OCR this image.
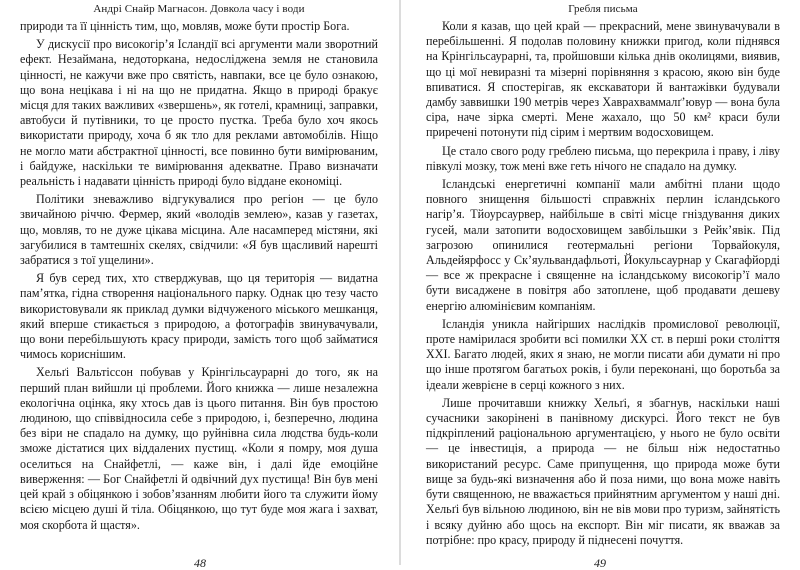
Андрі Снайр Магнасон. Довкола часу і води

природи та її цінність тим, що, мовляв, може бути простір Бога.

У дискусії про високогір’я Ісландії всі аргументи мали зворотний ефект. Незаймана, недоторкана, недосліджена земля не становила цінності, не кажучи вже про святість, навпаки, все це було ознакою, що вона нецікава і ні на що не придатна. Якщо в природі бракує місця для таких важливих «звершень», як готелі, крамниці, заправки, автобуси й путівники, то це просто пустка. Треба було хоч якось використати природу, хоча б як тло для реклами автомобілів. Ніщо не могло мати абстрактної цінності, все повинно бути вимірюваним, і байдуже, наскільки те вимірювання адекватне. Право визначати реальність і надавати цінність природі було віддане економіці.

Політики зневажливо відгукувалися про регіон — це було звичайною річчю. Фермер, який «володів землею», казав у газетах, що, мовляв, то не дуже цікава місцина. Але насамперед містяни, які загубилися в тамтешніх скелях, свідчили: «Я був щасливий нарешті забратися з тої ущелини».

Я був серед тих, хто стверджував, що ця територія — видатна пам’ятка, гідна створення національного парку. Однак цю тезу часто використовували як приклад думки відчуженого міського мешканця, який вперше стикається з природою, а фотографів звинувачували, що вони перебільшують красу природи, замість того щоб займатися чимось кориснішим.

Хельґі Вальтіссон побував у Крінгільсаурарні до того, як на перший план вийшли ці проблеми. Його книжка — лише незалежна екологічна оцінка, яку хтось дав із цього питання. Він був простою людиною, що співвідносила себе з природою, і, безперечно, людина без віри не спадало на думку, що руйнівна сила людства будь-коли зможе дістатися цих віддалених пустищ. «Коли я помру, моя душа оселиться на Снайфетлі, — каже він, і далі йде емоційне виверження: — Бог Снайфетлі й одвічний дух пустища! Він був мені цей край з обіцянкою і зобов’язанням любити його та служити йому всією місцею душі й тіла. Обіцянкою, що тут буде моя жага і захват, моя скорбота й щастя».

48
Гребля письма

Коли я казав, що цей край — прекрасний, мене звинувачували в перебільшенні. Я подолав половину книжки пригод, коли піднявся на Крінгільсаурарні, та, пройшовши кілька днів околицями, виявив, що ці мої невиразні та мізерні порівняння з красою, якою він буде впиватися. Я спостерігав, як екскаватори й вантажівки будували дамбу заввишки 190 метрів через Хаврахваммалґ’ювур — вона була сіра, наче зірка смерті. Мене жахало, що 50 км² краси були приречені потонути під сірим і мертвим водосховищем.

Це стало свого роду греблею письма, що перекрила і праву, і ліву півкулі мозку, тож мені вже геть нічого не спадало на думку.

Ісландські енергетичні компанії мали амбітні плани щодо повного знищення більшості справжніх перлин ісландського нагір’я. Тйоурсаурвер, найбільше в світі місце гніздування диких гусей, мали затопити водосховищем завбільшки з Рейк’явік. Під загрозою опинилися геотермальні регіони Торвайокуля, Альдейярфосс у Ск’яульвандафльоті, Йокульсаурнар у Скагафйорді — все ж прекрасне і священне на ісландському високогір’ї мало бути висаджене в повітря або затоплене, щоб продавати дешеву енергію алюмінієвим компаніям.

Ісландія уникла найгірших наслідків промислової революції, проте намірилася зробити всі помилки XX ст. в перші роки століття XXI. Багато людей, яких я знаю, не могли писати аби думати ні про що інше протягом багатьох років, і були переконані, що боротьба за ідеали жеврієне в серці кожного з них.

Лише прочитавши книжку Хельґі, я збагнув, наскільки наші сучасники закорінені в панівному дискурсі. Його текст не був підкріплений раціональною аргументацією, у нього не було освіти — це інвестиція, а природа — не більш ніж недостатньо використаний ресурс. Саме припущення, що природа може бути вище за будь-які визначення або й поза ними, що вона може навіть бути священною, не вважається прийнятним аргументом у наші дні. Хельґі був вільною людиною, він не вів мови про туризм, зайнятість і всяку дуйню або щось на експорт. Він міг писати, як вважав за потрібне: про красу, природу й піднесені почуття.

49
